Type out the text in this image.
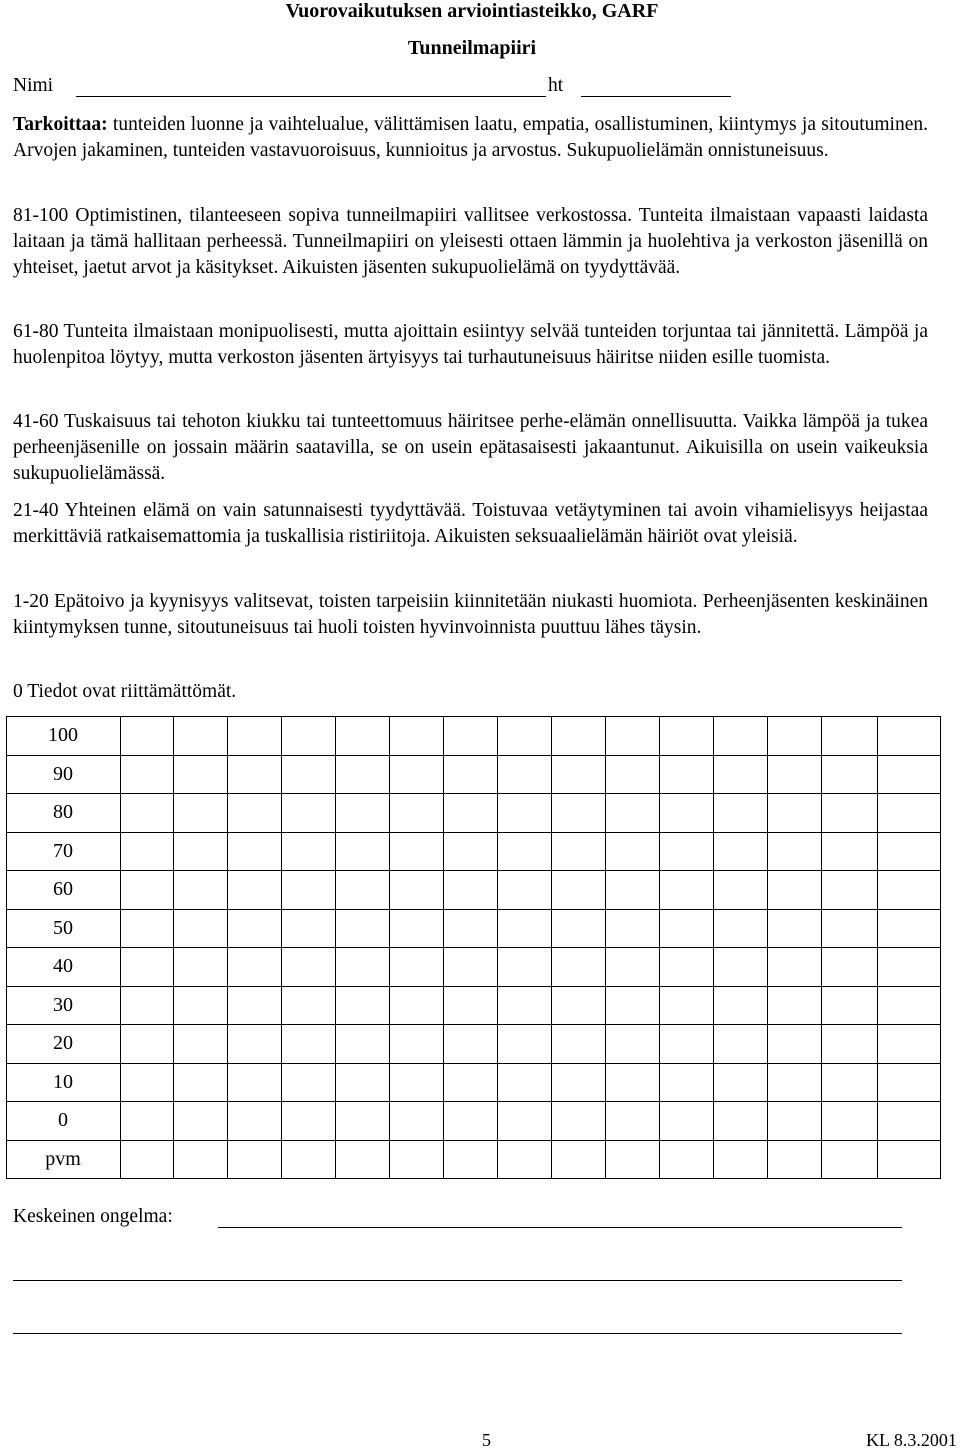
Vuorovaikutuksen arviointiasteikko, GARF
Tunneilmapiiri
Nimi	ht

Tarkoittaa: tunteiden luonne ja vaihtelualue, välittämisen laatu, empatia, osallistuminen, kiintymys ja sitoutuminen. Arvojen jakaminen, tunteiden vastavuoroisuus, kunnioitus ja arvostus. Sukupuolielämän onnistuneisuus.

81-100 Optimistinen, tilanteeseen sopiva tunneilmapiiri vallitsee verkostossa. Tunteita ilmaistaan vapaasti laidasta laitaan ja tämä hallitaan perheessä. Tunneilmapiiri on yleisesti ottaen lämmin ja huolehtiva ja verkoston jäsenillä on yhteiset, jaetut arvot ja käsitykset. Aikuisten jäsenten sukupuolielämä on tyydyttävää.

61-80 Tunteita ilmaistaan monipuolisesti, mutta ajoittain esiintyy selvää tunteiden torjuntaa tai jännitettä. Lämpöä ja huolenpitoa löytyy, mutta verkoston jäsenten ärtyisyys tai turhautuneisuus häiritse niiden esille tuomista.

41-60 Tuskaisuus tai tehoton kiukku tai tunteettomuus häiritsee perhe-elämän onnellisuutta. Vaikka lämpöä ja tukea perheenjäsenille on jossain määrin saatavilla, se on usein epätasaisesti jakaantunut. Aikuisilla on usein vaikeuksia sukupuolielämässä.

21-40 Yhteinen elämä on vain satunnaisesti tyydyttävää. Toistuvaa vetäytyminen tai avoin vihamielisyys heijastaa merkittäviä ratkaisemattomia ja tuskallisia ristiriitoja. Aikuisten seksuaalielämän häiriöt ovat yleisiä.

1-20 Epätoivo ja kyynisyys valitsevat, toisten tarpeisiin kiinnitetään niukasti huomiota. Perheenjäsenten keskinäinen kiintymyksen tunne, sitoutuneisuus tai huoli toisten hyvinvoinnista puuttuu lähes täysin.

0 Tiedot ovat riittämättömät.

100
90
80
70
60
50
40
30
20
10
0
pvm
Keskeinen ongelma:
5	KL 8.3.2001
